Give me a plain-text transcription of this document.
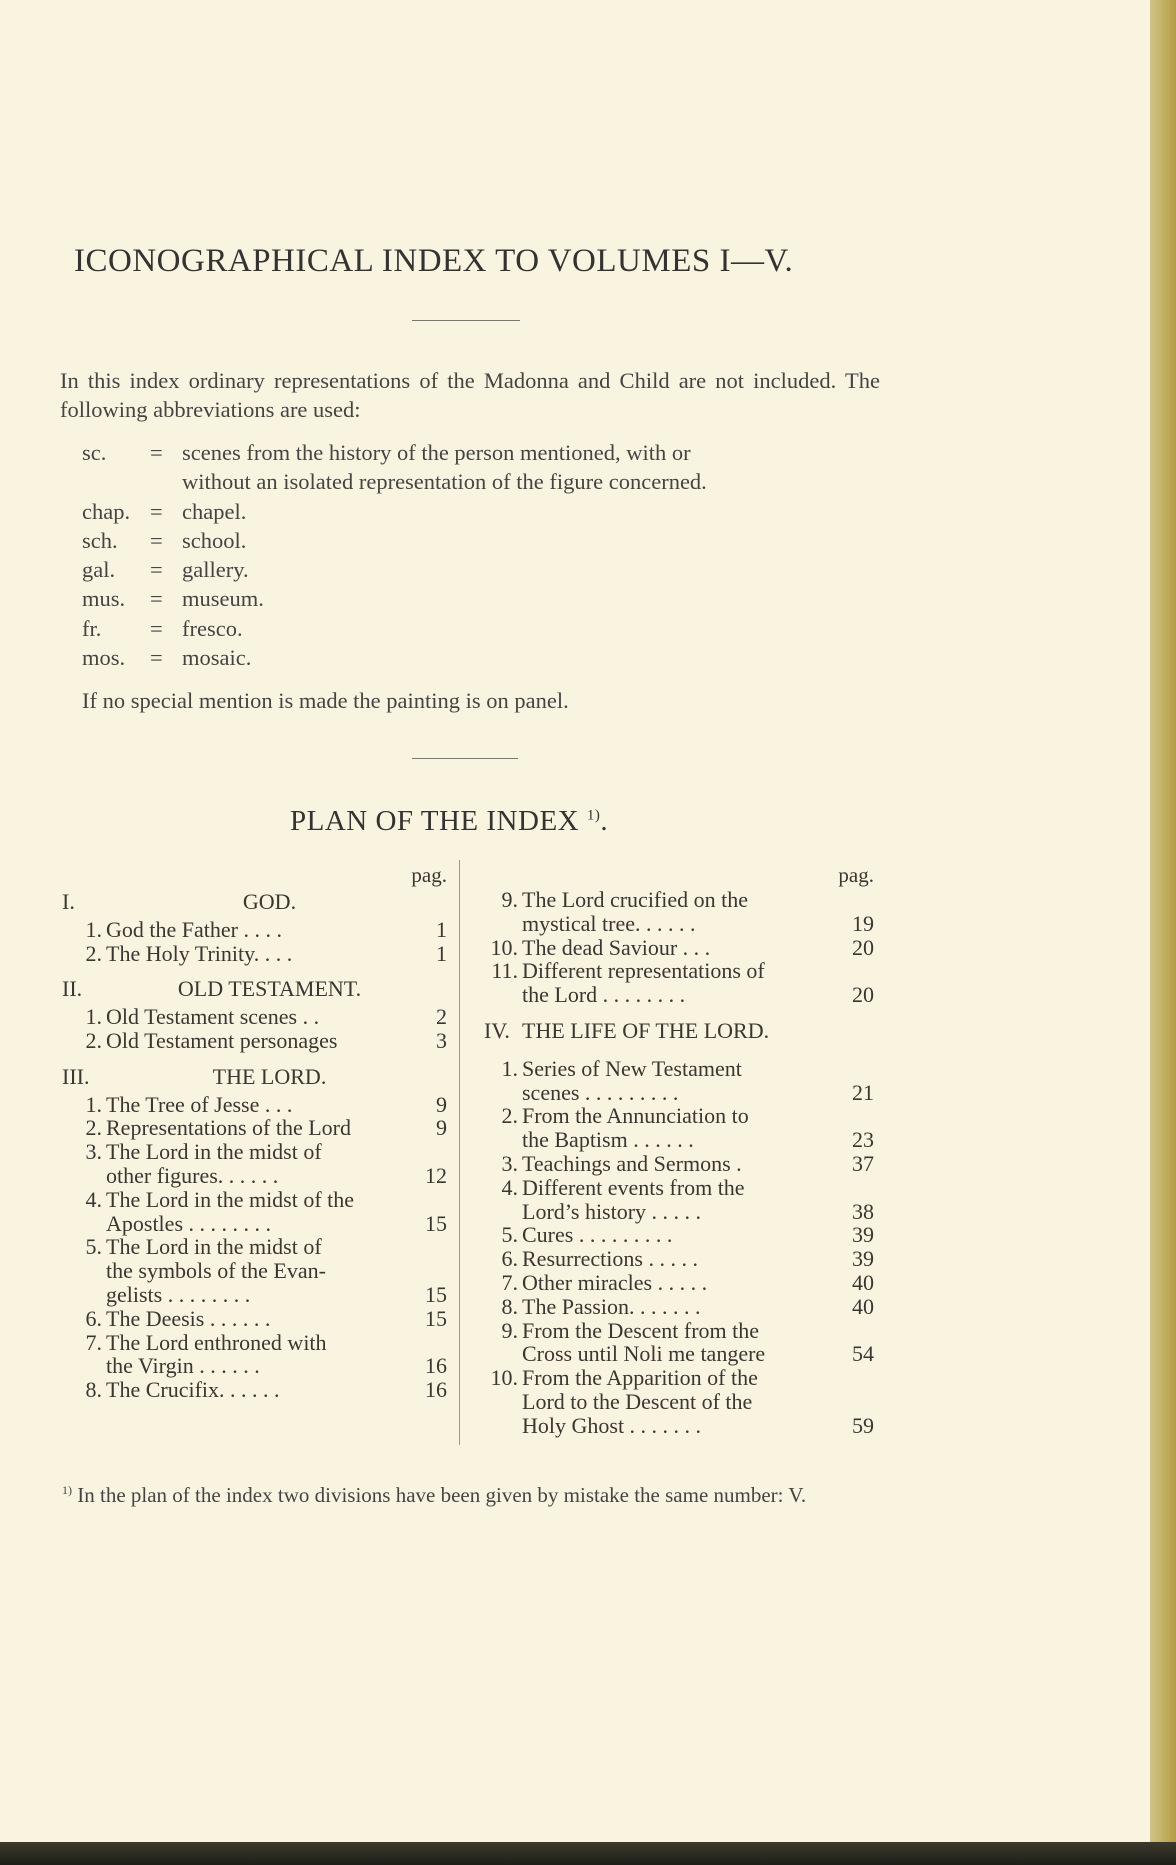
ICONOGRAPHICAL INDEX TO VOLUMES I—V.
In this index ordinary representations of the Madonna and Child are not included. The following abbreviations are used:
sc.	= scenes from the history of the person mentioned, with or
without an isolated representation of the figure concerned.
chap. = chapel.
sch.	= school.
gal.	= gallery.
mus.	= museum.
fr.	= fresco.
mos.	= mosaic.
If no special mention is made the painting is on panel.
PLAN OF THE INDEX $^{1)}$.
pag.
I.	GOD.
1. God the Father . . . .	1
2. The Holy Trinity. . . .	1
II.	OLD TESTAMENT.
1. Old Testament scenes . .	2
2. Old Testament personages	3
III.	THE LORD.
1. The Tree of Jesse . . .	9
2. Representations of the Lord	9
3. The Lord in the midst of
other figures. . . . . .	12
4. The Lord in the midst of the
Apostles . . . . . . . .	15
5. The Lord in the midst of
the symbols of the Evan-
gelists . . . . . . . .	15
6. The Deesis . . . . . .	15
7. The Lord enthroned with
the Virgin . . . . . .	16
8. The Crucifix. . . . . .	16
pag.
9. The Lord crucified on the
mystical tree. . . . . .	19
10. The dead Saviour . . .	20
11. Different representations of
the Lord . . . . . . . .	20
IV. THE LIFE OF THE LORD.
1. Series of New Testament
scenes . . . . . . . . .	21
2. From the Annunciation to
the Baptism . . . . . .	23
3. Teachings and Sermons .	37
4. Different events from the
Lord’s history . . . . .	38
5. Cures . . . . . . . . .	39
6. Resurrections . . . . .	39
7. Other miracles . . . . .	40
8. The Passion. . . . . . .	40
9. From the Descent from the
Cross until Noli me tangere	54
10. From the Apparition of the
Lord to the Descent of the
Holy Ghost . . . . . . .	59
$^{1)}$ In the plan of the index two divisions have been given by mistake the same number: V.
